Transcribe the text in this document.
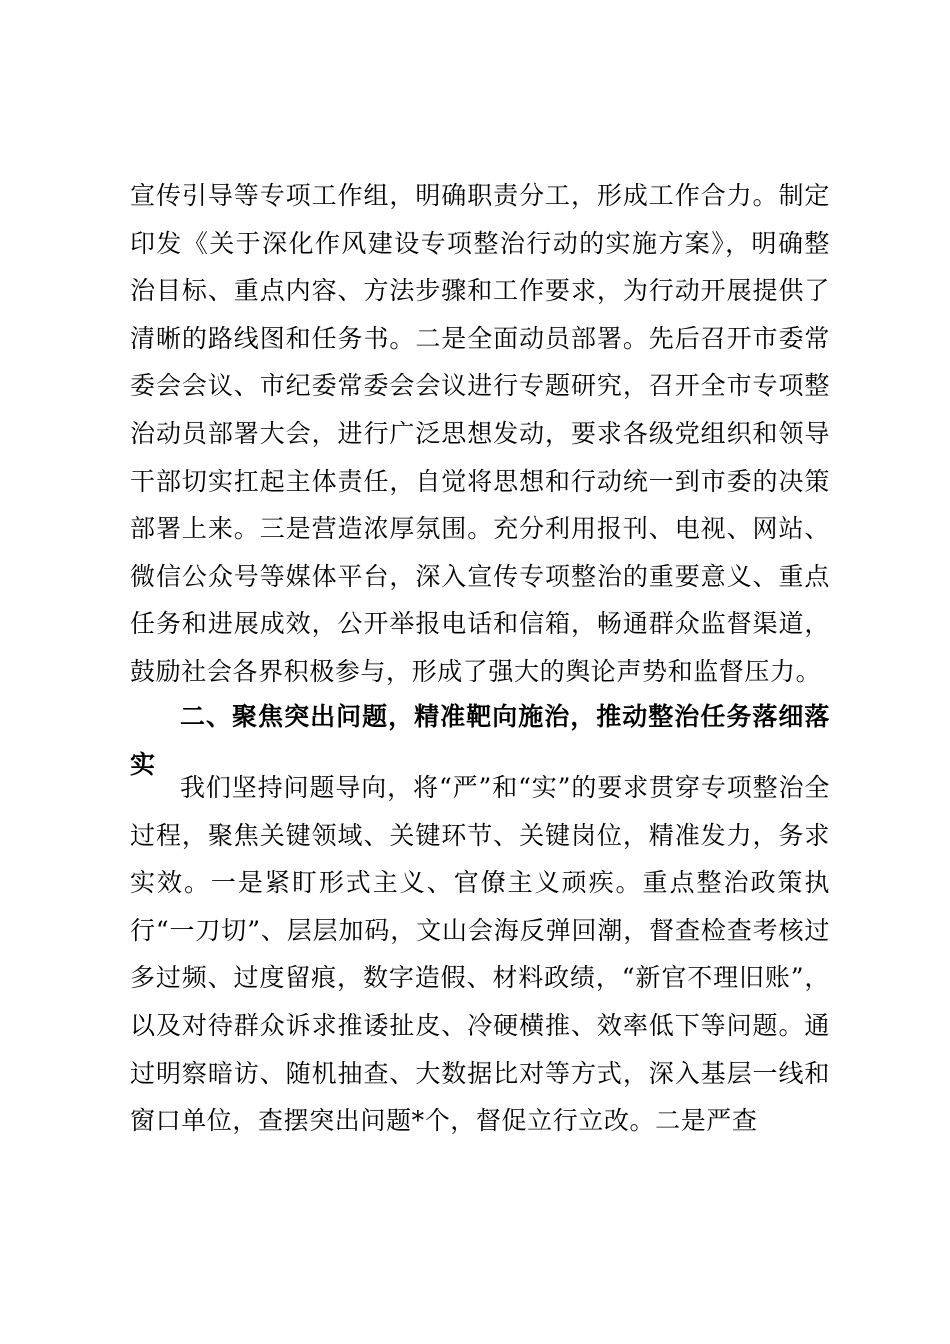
宣传引导等专项工作组，明确职责分工，形成工作合力。制定印发《关于深化作风建设专项整治行动的实施方案》，明确整治目标、重点内容、方法步骤和工作要求，为行动开展提供了清晰的路线图和任务书。二是全面动员部署。先后召开市委常委会会议、市纪委常委会会议进行专题研究，召开全市专项整治动员部署大会，进行广泛思想发动，要求各级党组织和领导干部切实扛起主体责任，自觉将思想和行动统一到市委的决策部署上来。三是营造浓厚氛围。充分利用报刊、电视、网站、微信公众号等媒体平台，深入宣传专项整治的重要意义、重点任务和进展成效，公开举报电话和信箱，畅通群众监督渠道，鼓励社会各界积极参与，形成了强大的舆论声势和监督压力。

二、聚焦突出问题，精准靶向施治，推动整治任务落细落实

我们坚持问题导向，将“严”和“实”的要求贯穿专项整治全过程，聚焦关键领域、关键环节、关键岗位，精准发力，务求实效。一是紧盯形式主义、官僚主义顽疾。重点整治政策执行“一刀切”、层层加码，文山会海反弹回潮，督查检查考核过多过频、过度留痕，数字造假、材料政绩，“新官不理旧账”，以及对待群众诉求推诿扯皮、冷硬横推、效率低下等问题。通过明察暗访、随机抽查、大数据比对等方式，深入基层一线和窗口单位，查摆突出问题*个，督促立行立改。二是严查
